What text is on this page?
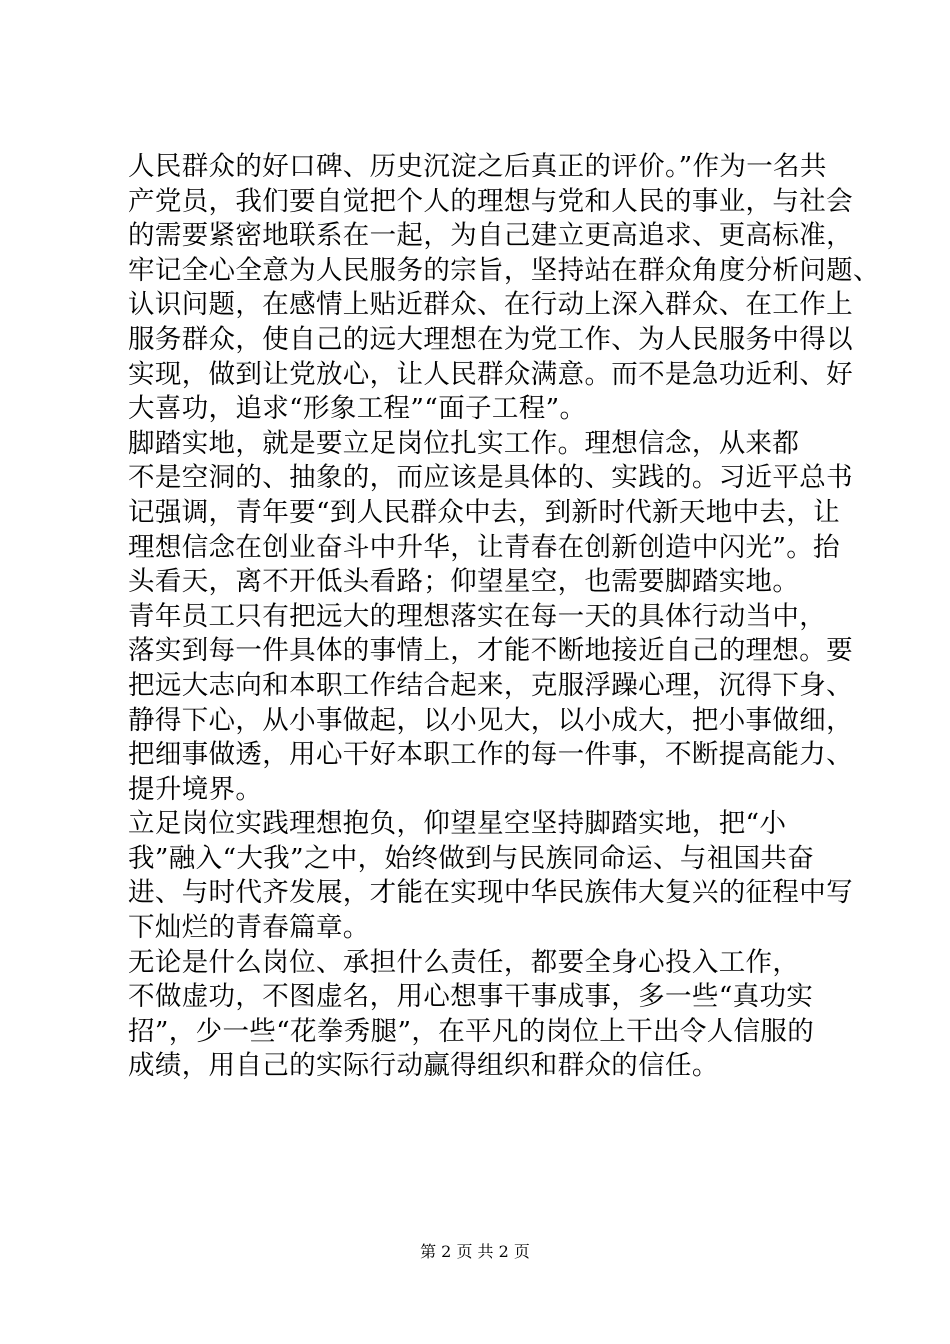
人民群众的好口碑、历史沉淀之后真正的评价。”作为一名共
产党员，我们要自觉把个人的理想与党和人民的事业，与社会
的需要紧密地联系在一起，为自己建立更高追求、更高标准，
牢记全心全意为人民服务的宗旨，坚持站在群众角度分析问题、
认识问题，在感情上贴近群众、在行动上深入群众、在工作上
服务群众，使自己的远大理想在为党工作、为人民服务中得以
实现，做到让党放心，让人民群众满意。而不是急功近利、好
大喜功，追求“形象工程”“面子工程”。
脚踏实地，就是要立足岗位扎实工作。理想信念，从来都
不是空洞的、抽象的，而应该是具体的、实践的。习近平总书
记强调，青年要“到人民群众中去，到新时代新天地中去，让
理想信念在创业奋斗中升华，让青春在创新创造中闪光”。抬
头看天，离不开低头看路；仰望星空，也需要脚踏实地。
青年员工只有把远大的理想落实在每一天的具体行动当中，
落实到每一件具体的事情上，才能不断地接近自己的理想。要
把远大志向和本职工作结合起来，克服浮躁心理，沉得下身、
静得下心，从小事做起，以小见大，以小成大，把小事做细，
把细事做透，用心干好本职工作的每一件事，不断提高能力、
提升境界。
立足岗位实践理想抱负，仰望星空坚持脚踏实地，把“小
我”融入“大我”之中，始终做到与民族同命运、与祖国共奋
进、与时代齐发展，才能在实现中华民族伟大复兴的征程中写
下灿烂的青春篇章。
无论是什么岗位、承担什么责任，都要全身心投入工作，
不做虚功，不图虚名，用心想事干事成事，多一些“真功实
招”，少一些“花拳秀腿”，在平凡的岗位上干出令人信服的
成绩，用自己的实际行动赢得组织和群众的信任。
第 2 页 共 2 页
